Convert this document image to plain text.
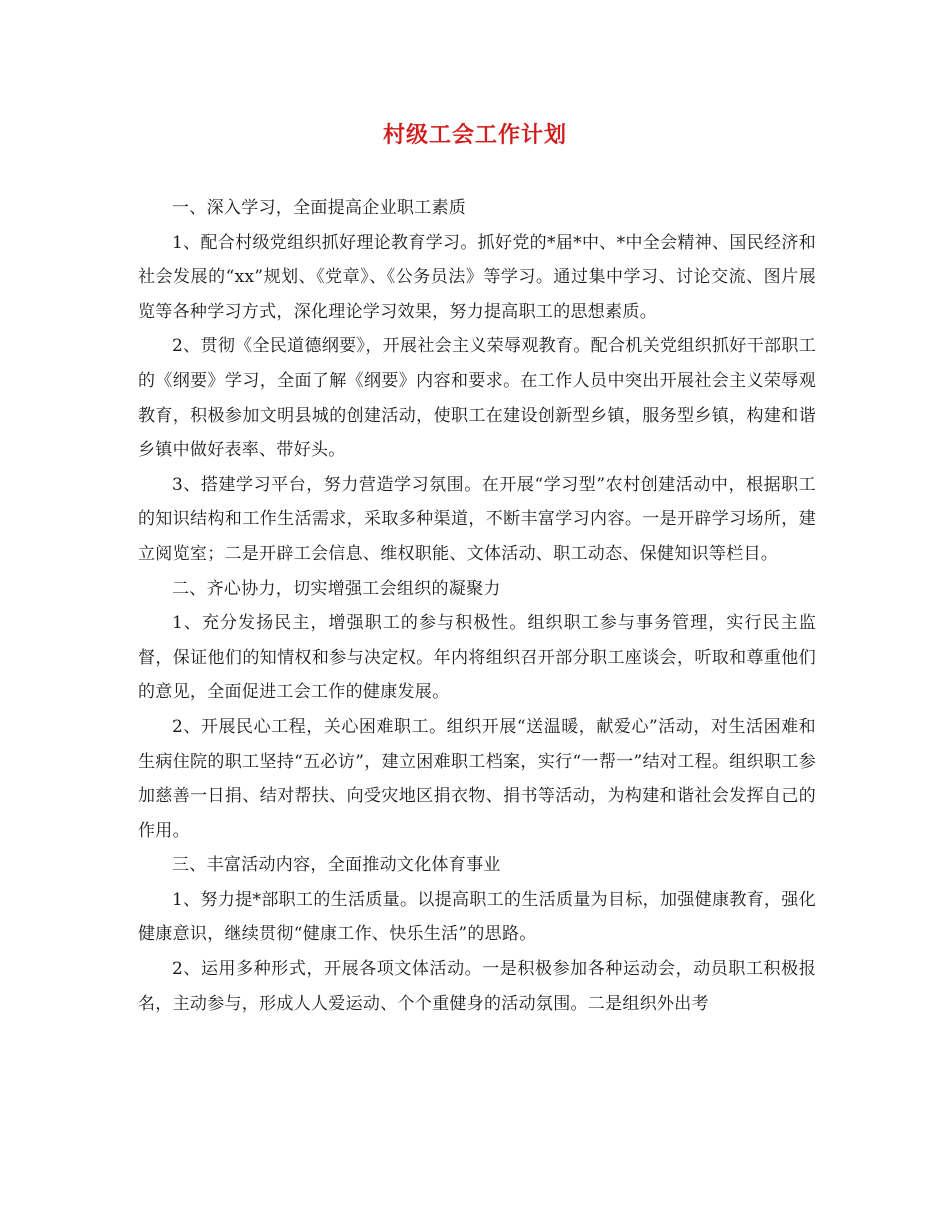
村级工会工作计划

一、深入学习，全面提高企业职工素质

1、配合村级党组织抓好理论教育学习。抓好党的*届*中、*中全会精神、国民经济和社会发展的“xx”规划、《党章》、《公务员法》等学习。通过集中学习、讨论交流、图片展览等各种学习方式，深化理论学习效果，努力提高职工的思想素质。

2、贯彻《全民道德纲要》，开展社会主义荣辱观教育。配合机关党组织抓好干部职工的《纲要》学习，全面了解《纲要》内容和要求。在工作人员中突出开展社会主义荣辱观教育，积极参加文明县城的创建活动，使职工在建设创新型乡镇，服务型乡镇，构建和谐乡镇中做好表率、带好头。

3、搭建学习平台，努力营造学习氛围。在开展“学习型”农村创建活动中，根据职工的知识结构和工作生活需求，采取多种渠道，不断丰富学习内容。一是开辟学习场所，建立阅览室；二是开辟工会信息、维权职能、文体活动、职工动态、保健知识等栏目。

二、齐心协力，切实增强工会组织的凝聚力

1、充分发扬民主，增强职工的参与积极性。组织职工参与事务管理，实行民主监督，保证他们的知情权和参与决定权。年内将组织召开部分职工座谈会，听取和尊重他们的意见，全面促进工会工作的健康发展。

2、开展民心工程，关心困难职工。组织开展“送温暖，献爱心”活动，对生活困难和生病住院的职工坚持“五必访”，建立困难职工档案，实行“一帮一”结对工程。组织职工参加慈善一日捐、结对帮扶、向受灾地区捐衣物、捐书等活动，为构建和谐社会发挥自己的作用。

三、丰富活动内容，全面推动文化体育事业

1、努力提*部职工的生活质量。以提高职工的生活质量为目标，加强健康教育，强化健康意识，继续贯彻“健康工作、快乐生活”的思路。

2、运用多种形式，开展各项文体活动。一是积极参加各种运动会，动员职工积极报名，主动参与，形成人人爱运动、个个重健身的活动氛围。二是组织外出考
